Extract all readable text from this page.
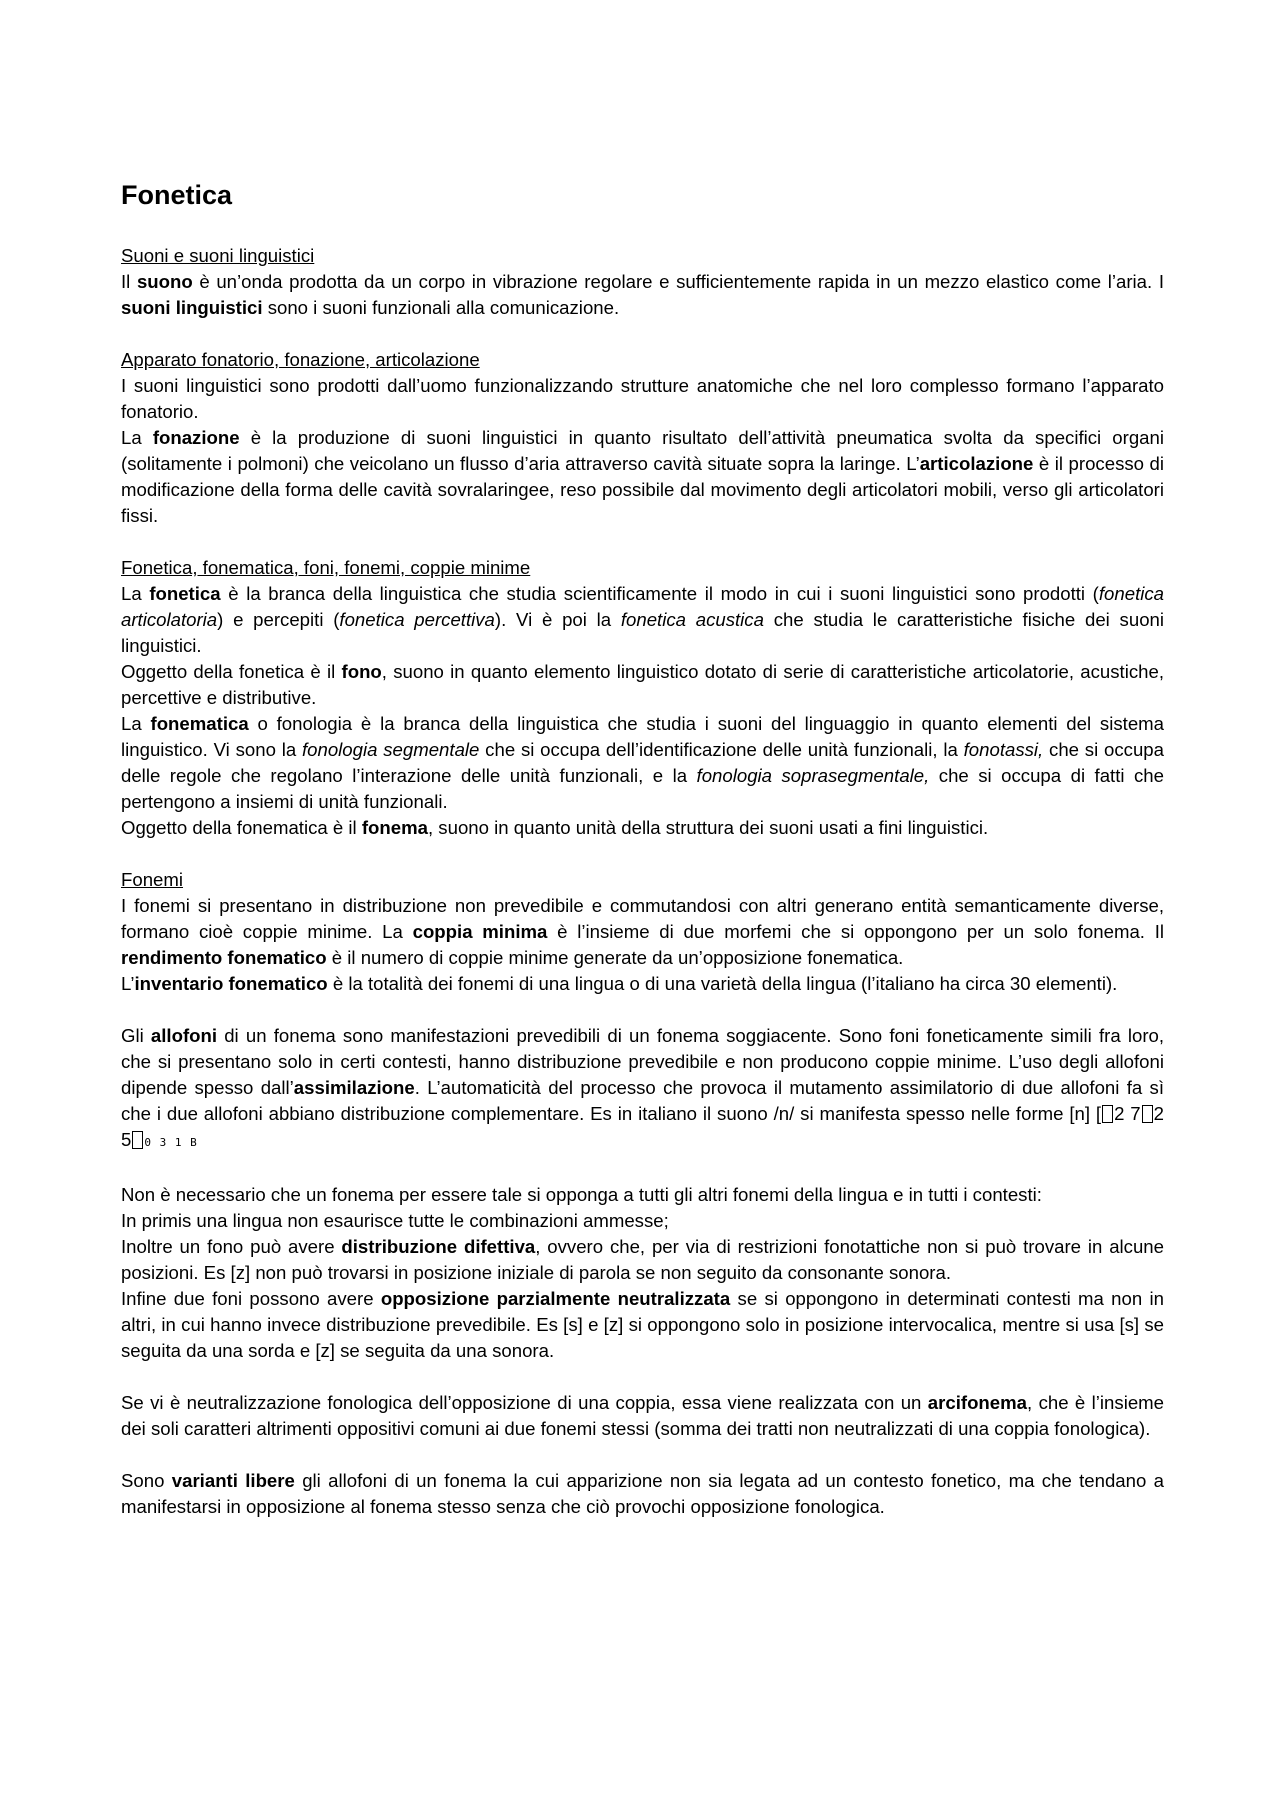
Fonetica
Suoni e suoni linguistici

Il suono è un’onda prodotta da un corpo in vibrazione regolare e sufficientemente rapida in un mezzo elastico come l’aria. I suoni linguistici sono i suoni funzionali alla comunicazione.

Apparato fonatorio, fonazione, articolazione

I suoni linguistici sono prodotti dall’uomo funzionalizzando strutture anatomiche che nel loro complesso formano l’apparato fonatorio.

La fonazione è la produzione di suoni linguistici in quanto risultato dell’attività pneumatica svolta da specifici organi (solitamente i polmoni) che veicolano un flusso d’aria attraverso cavità situate sopra la laringe. L’articolazione è il processo di modificazione della forma delle cavità sovralaringee, reso possibile dal movimento degli articolatori mobili, verso gli articolatori fissi.

Fonetica, fonematica, foni, fonemi, coppie minime

La fonetica è la branca della linguistica che studia scientificamente il modo in cui i suoni linguistici sono prodotti (fonetica articolatoria) e percepiti (fonetica percettiva). Vi è poi la fonetica acustica che studia le caratteristiche fisiche dei suoni linguistici.

Oggetto della fonetica è il fono, suono in quanto elemento linguistico dotato di serie di caratteristiche articolatorie, acustiche, percettive e distributive.

La fonematica o fonologia è la branca della linguistica che studia i suoni del linguaggio in quanto elementi del sistema linguistico. Vi sono la fonologia segmentale che si occupa dell’identificazione delle unità funzionali, la fonotassi, che si occupa delle regole che regolano l’interazione delle unità funzionali, e la fonologia soprasegmentale, che si occupa di fatti che pertengono a insiemi di unità funzionali.

Oggetto della fonematica è il fonema, suono in quanto unità della struttura dei suoni usati a fini linguistici.

Fonemi

I fonemi si presentano in distribuzione non prevedibile e commutandosi con altri generano entità semanticamente diverse, formano cioè coppie minime. La coppia minima è l’insieme di due morfemi che si oppongono per un solo fonema. Il rendimento fonematico è il numero di coppie minime generate da un’opposizione fonematica.

L’inventario fonematico è la totalità dei fonemi di una lingua o di una varietà della lingua (l’italiano ha circa 30 elementi).

Gli allofoni di un fonema sono manifestazioni prevedibili di un fonema soggiacente. Sono foni foneticamente simili fra loro, che si presentano solo in certi contesti, hanno distribuzione prevedibile e non producono coppie minime. L’uso degli allofoni dipende spesso dall’assimilazione. L’automaticità del processo che provoca il mutamento assimilatorio di due allofoni fa sì che i due allofoni abbiano distribuzione complementare. Es in italiano il suono /n/ si manifesta spesso nelle forme [n] [ 2 7 2 5 0 3 1 B

Non è necessario che un fonema per essere tale si opponga a tutti gli altri fonemi della lingua e in tutti i contesti:

In primis una lingua non esaurisce tutte le combinazioni ammesse;

Inoltre un fono può avere distribuzione difettiva, ovvero che, per via di restrizioni fonotattiche non si può trovare in alcune posizioni. Es [z] non può trovarsi in posizione iniziale di parola se non seguito da consonante sonora.

Infine due foni possono avere opposizione parzialmente neutralizzata se si oppongono in determinati contesti ma non in altri, in cui hanno invece distribuzione prevedibile. Es [s] e [z] si oppongono solo in posizione intervocalica, mentre si usa [s] se seguita da una sorda e [z] se seguita da una sonora.

Se vi è neutralizzazione fonologica dell’opposizione di una coppia, essa viene realizzata con un arcifonema, che è l’insieme dei soli caratteri altrimenti oppositivi comuni ai due fonemi stessi (somma dei tratti non neutralizzati di una coppia fonologica).

Sono varianti libere gli allofoni di un fonema la cui apparizione non sia legata ad un contesto fonetico, ma che tendano a manifestarsi in opposizione al fonema stesso senza che ciò provochi opposizione fonologica.
